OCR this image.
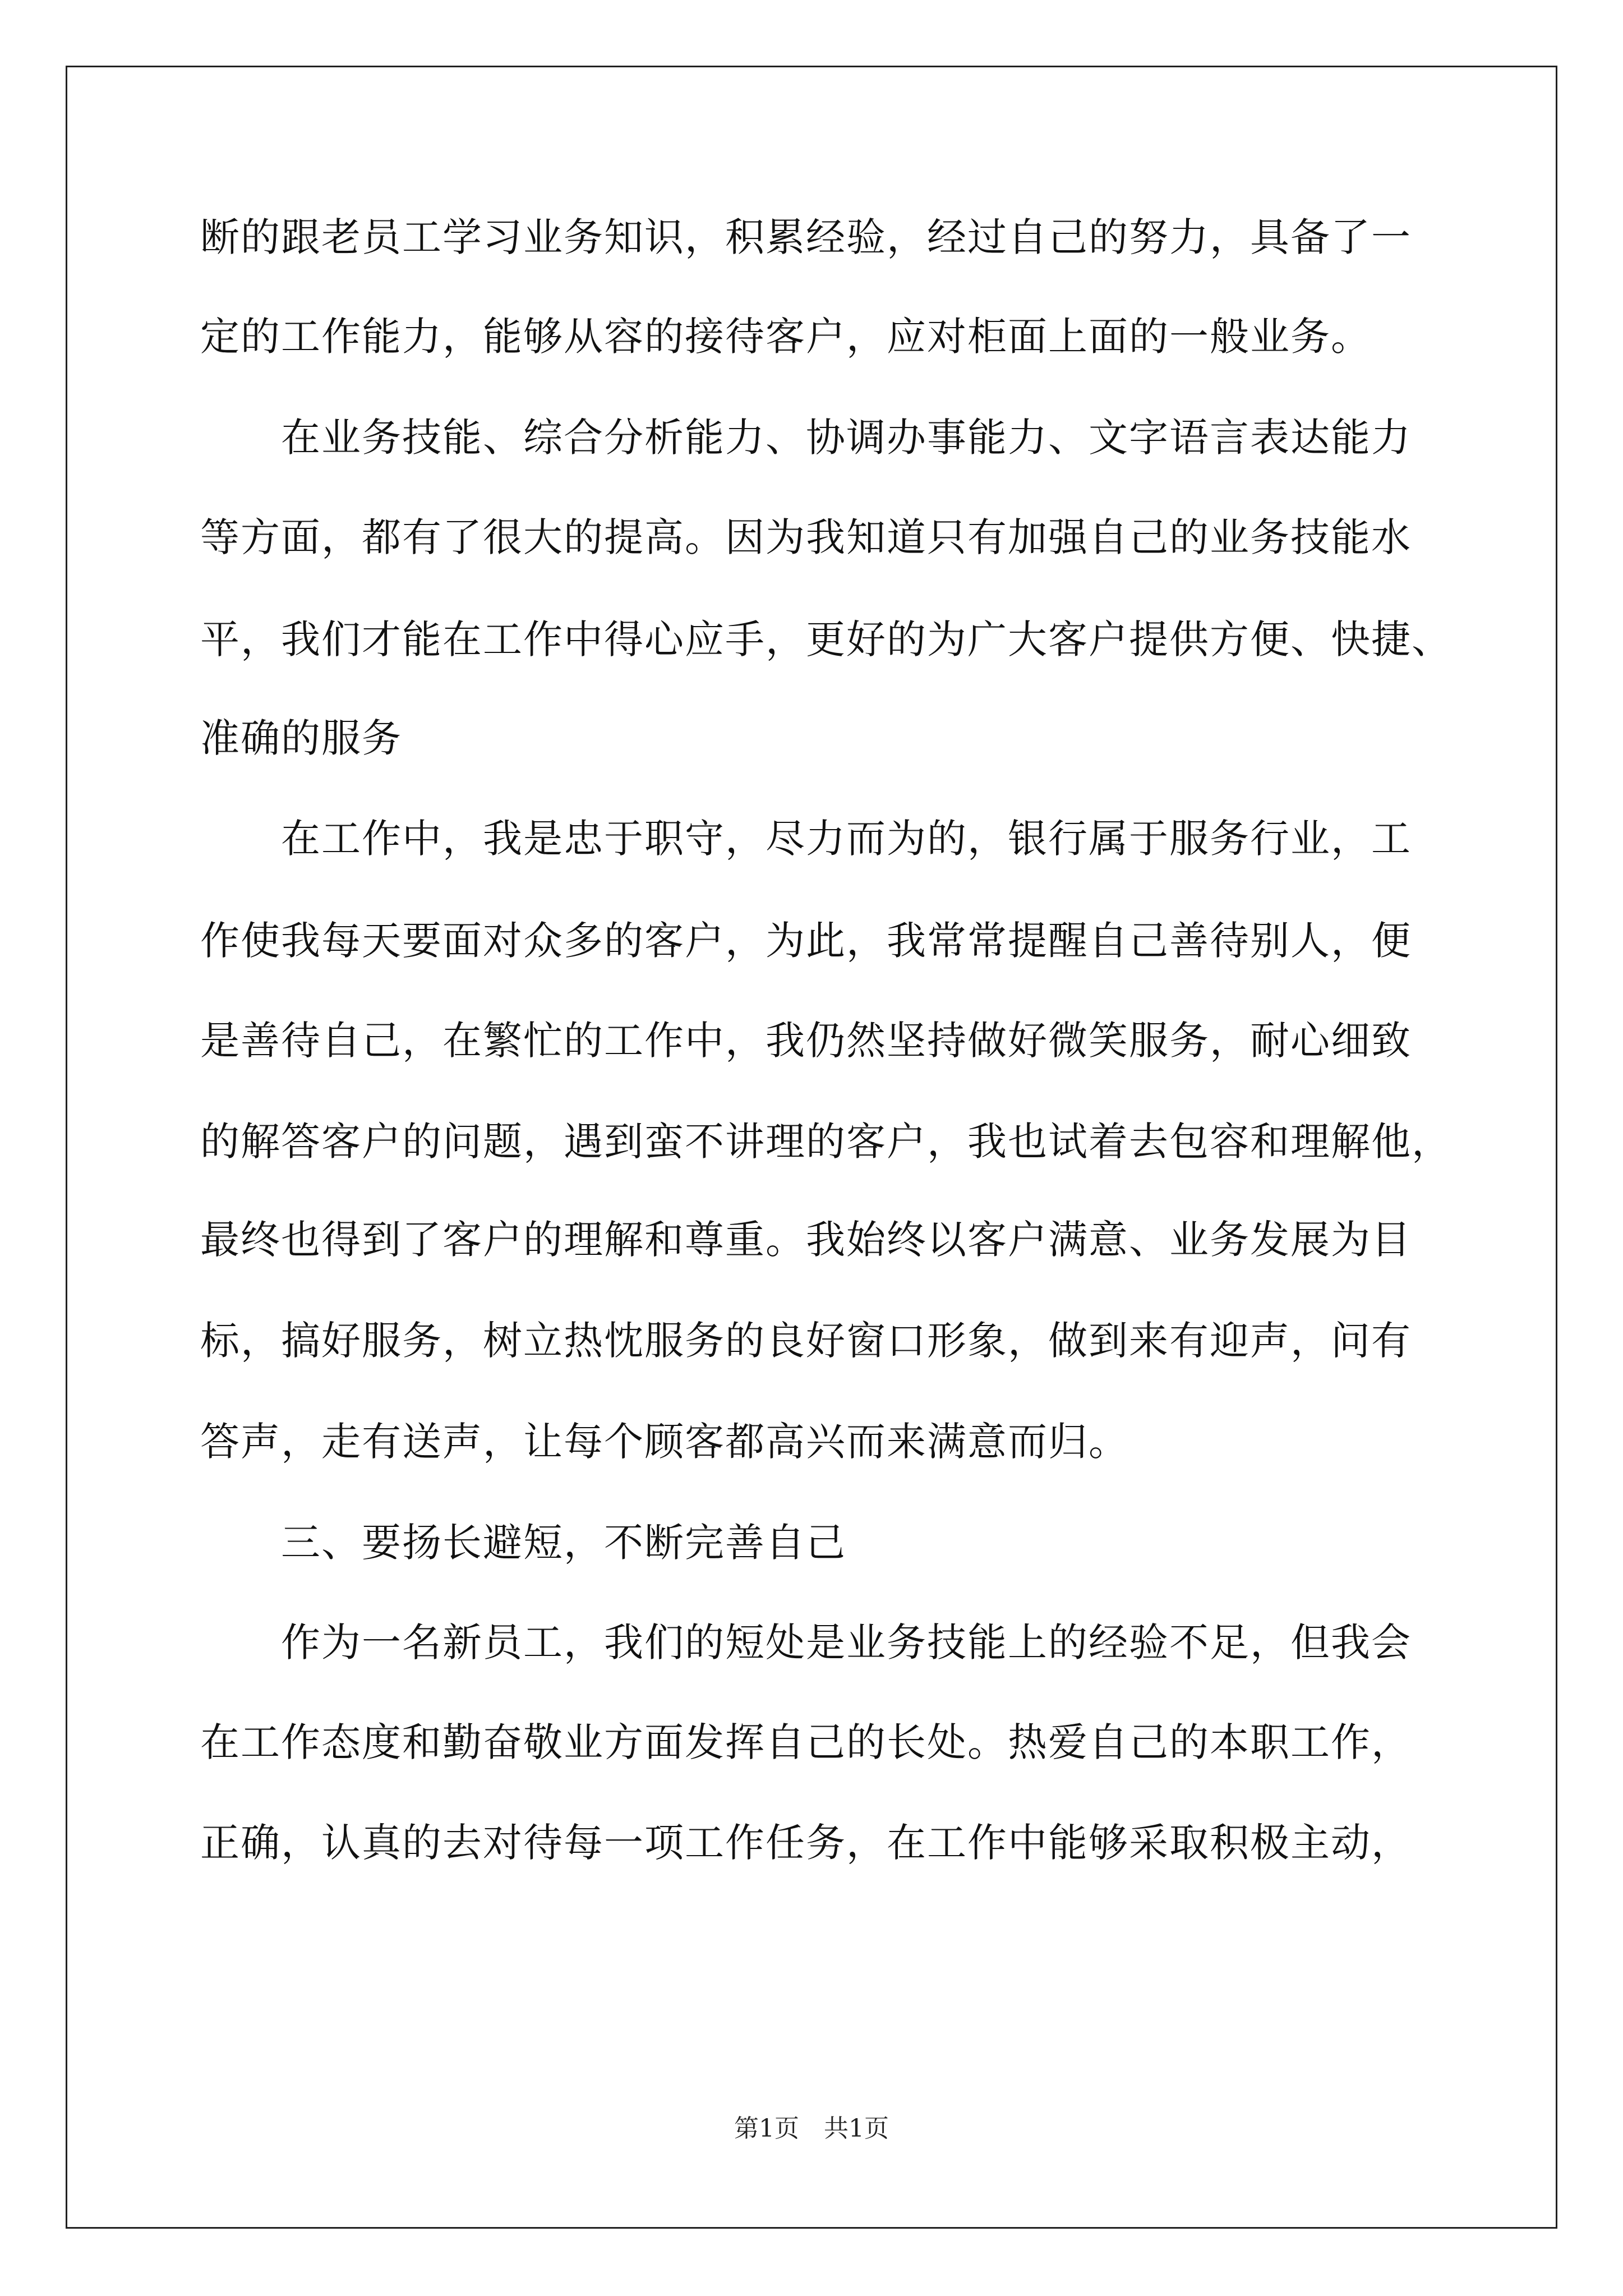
断的跟老员工学习业务知识，积累经验，经过自己的努力，具备了一
定的工作能力，能够从容的接待客户，应对柜面上面的一般业务。
在业务技能、综合分析能力、协调办事能力、文字语言表达能力
等方面，都有了很大的提高。因为我知道只有加强自己的业务技能水
平，我们才能在工作中得心应手，更好的为广大客户提供方便、快捷、
准确的服务
在工作中，我是忠于职守，尽力而为的，银行属于服务行业，工
作使我每天要面对众多的客户，为此，我常常提醒自己善待别人，便
是善待自己，在繁忙的工作中，我仍然坚持做好微笑服务，耐心细致
的解答客户的问题，遇到蛮不讲理的客户，我也试着去包容和理解他，
最终也得到了客户的理解和尊重。我始终以客户满意、业务发展为目
标，搞好服务，树立热忱服务的良好窗口形象，做到来有迎声，问有
答声，走有送声，让每个顾客都高兴而来满意而归。
三、要扬长避短，不断完善自己
作为一名新员工，我们的短处是业务技能上的经验不足，但我会
在工作态度和勤奋敬业方面发挥自己的长处。热爱自己的本职工作，
正确，认真的去对待每一项工作任务，在工作中能够采取积极主动，
第1页　共1页
